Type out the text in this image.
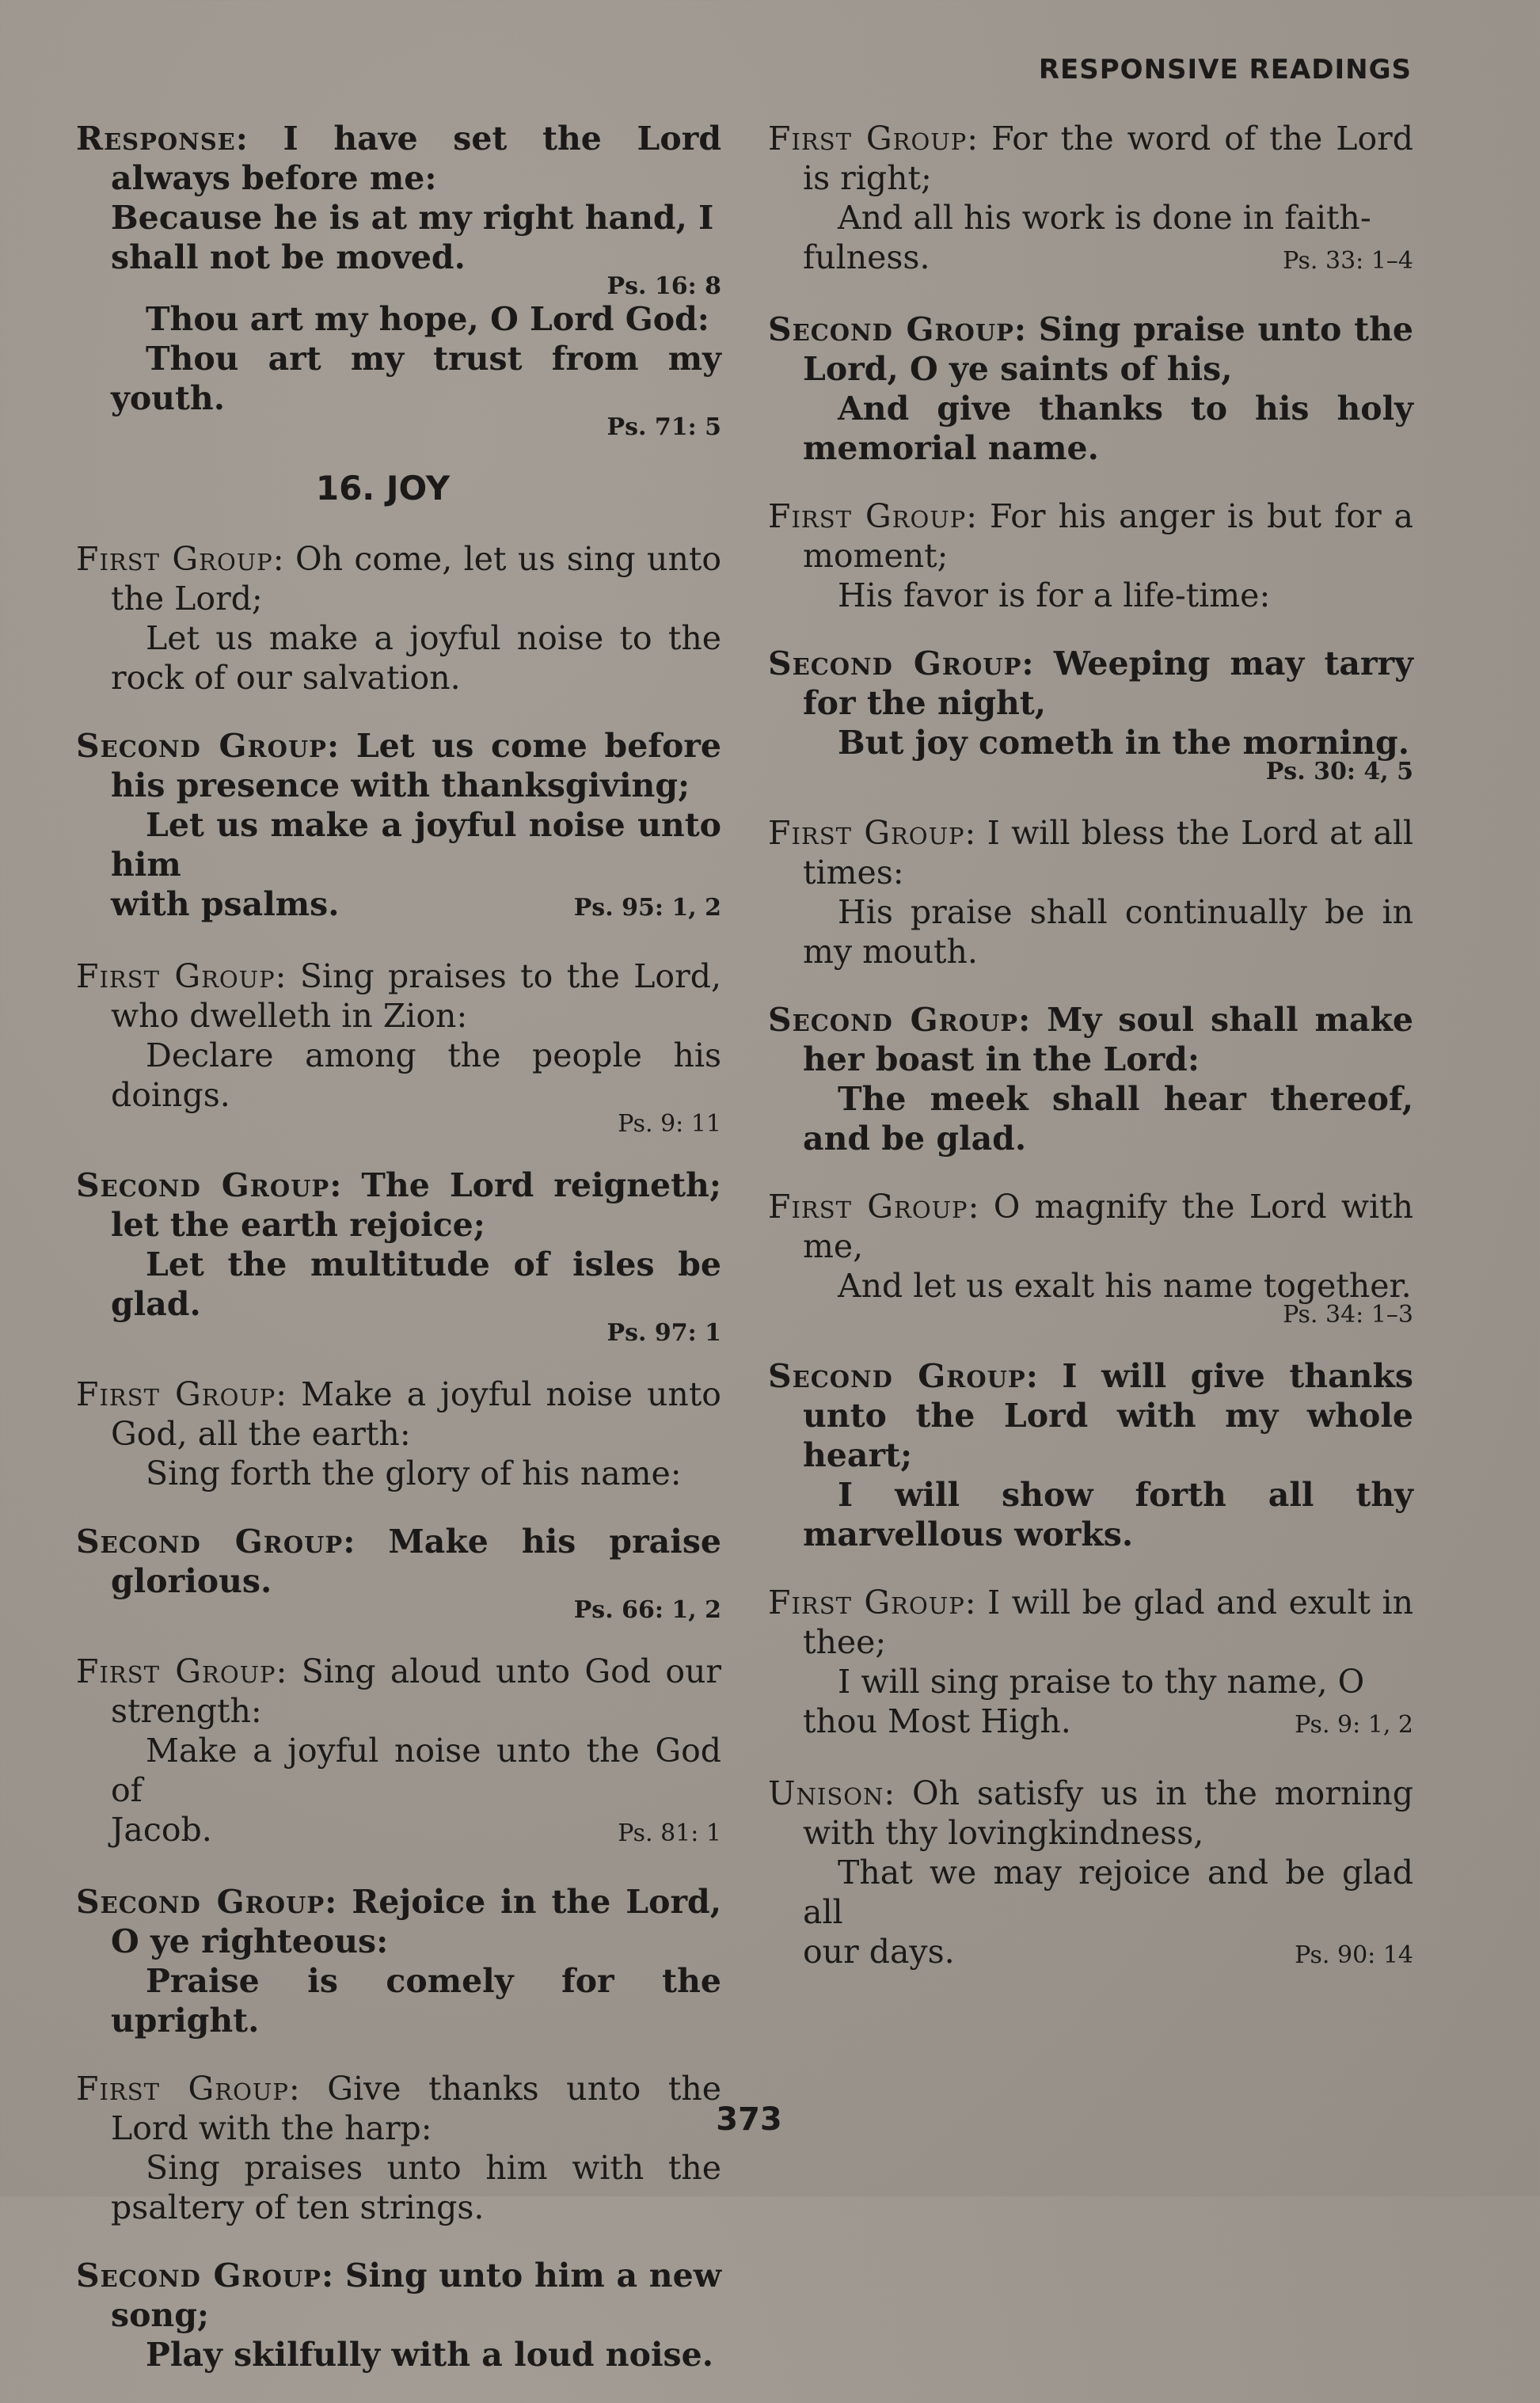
RESPONSIVE READINGS
Response: I have set the Lord always before me:
Because he is at my right hand, I shall not be moved.
Ps. 16: 8
Thou art my hope, O Lord God:
Thou art my trust from my youth.
Ps. 71: 5
16. JOY
First Group: Oh come, let us sing unto the Lord;
Let us make a joyful noise to the rock of our salvation.
Second Group: Let us come before his presence with thanksgiving;
Let us make a joyful noise unto him
with psalms.	Ps. 95: 1, 2
First Group: Sing praises to the Lord, who dwelleth in Zion:
Declare among the people his doings.
Ps. 9: 11
Second Group: The Lord reigneth; let the earth rejoice;
Let the multitude of isles be glad.
Ps. 97: 1
First Group: Make a joyful noise unto God, all the earth:
Sing forth the glory of his name:
Second Group: Make his praise glorious.
Ps. 66: 1, 2
First Group: Sing aloud unto God our strength:
Make a joyful noise unto the God of
Jacob.	Ps. 81: 1
Second Group: Rejoice in the Lord, O ye righteous:
Praise is comely for the upright.
First Group: Give thanks unto the Lord with the harp:
Sing praises unto him with the psaltery of ten strings.
Second Group: Sing unto him a new song;
Play skilfully with a loud noise.
First Group: For the word of the Lord is right;
And all his work is done in faith-
fulness.	Ps. 33: 1–4
Second Group: Sing praise unto the Lord, O ye saints of his,
And give thanks to his holy memorial name.
First Group: For his anger is but for a moment;
His favor is for a life-time:
Second Group: Weeping may tarry for the night,
But joy cometh in the morning.
Ps. 30: 4, 5
First Group: I will bless the Lord at all times:
His praise shall continually be in my mouth.
Second Group: My soul shall make her boast in the Lord:
The meek shall hear thereof, and be glad.
First Group: O magnify the Lord with me,
And let us exalt his name together.
Ps. 34: 1–3
Second Group: I will give thanks unto the Lord with my whole heart;
I will show forth all thy marvellous works.
First Group: I will be glad and exult in thee;
I will sing praise to thy name, O
thou Most High.	Ps. 9: 1, 2
Unison: Oh satisfy us in the morning with thy lovingkindness,
That we may rejoice and be glad all
our days.	Ps. 90: 14
373
